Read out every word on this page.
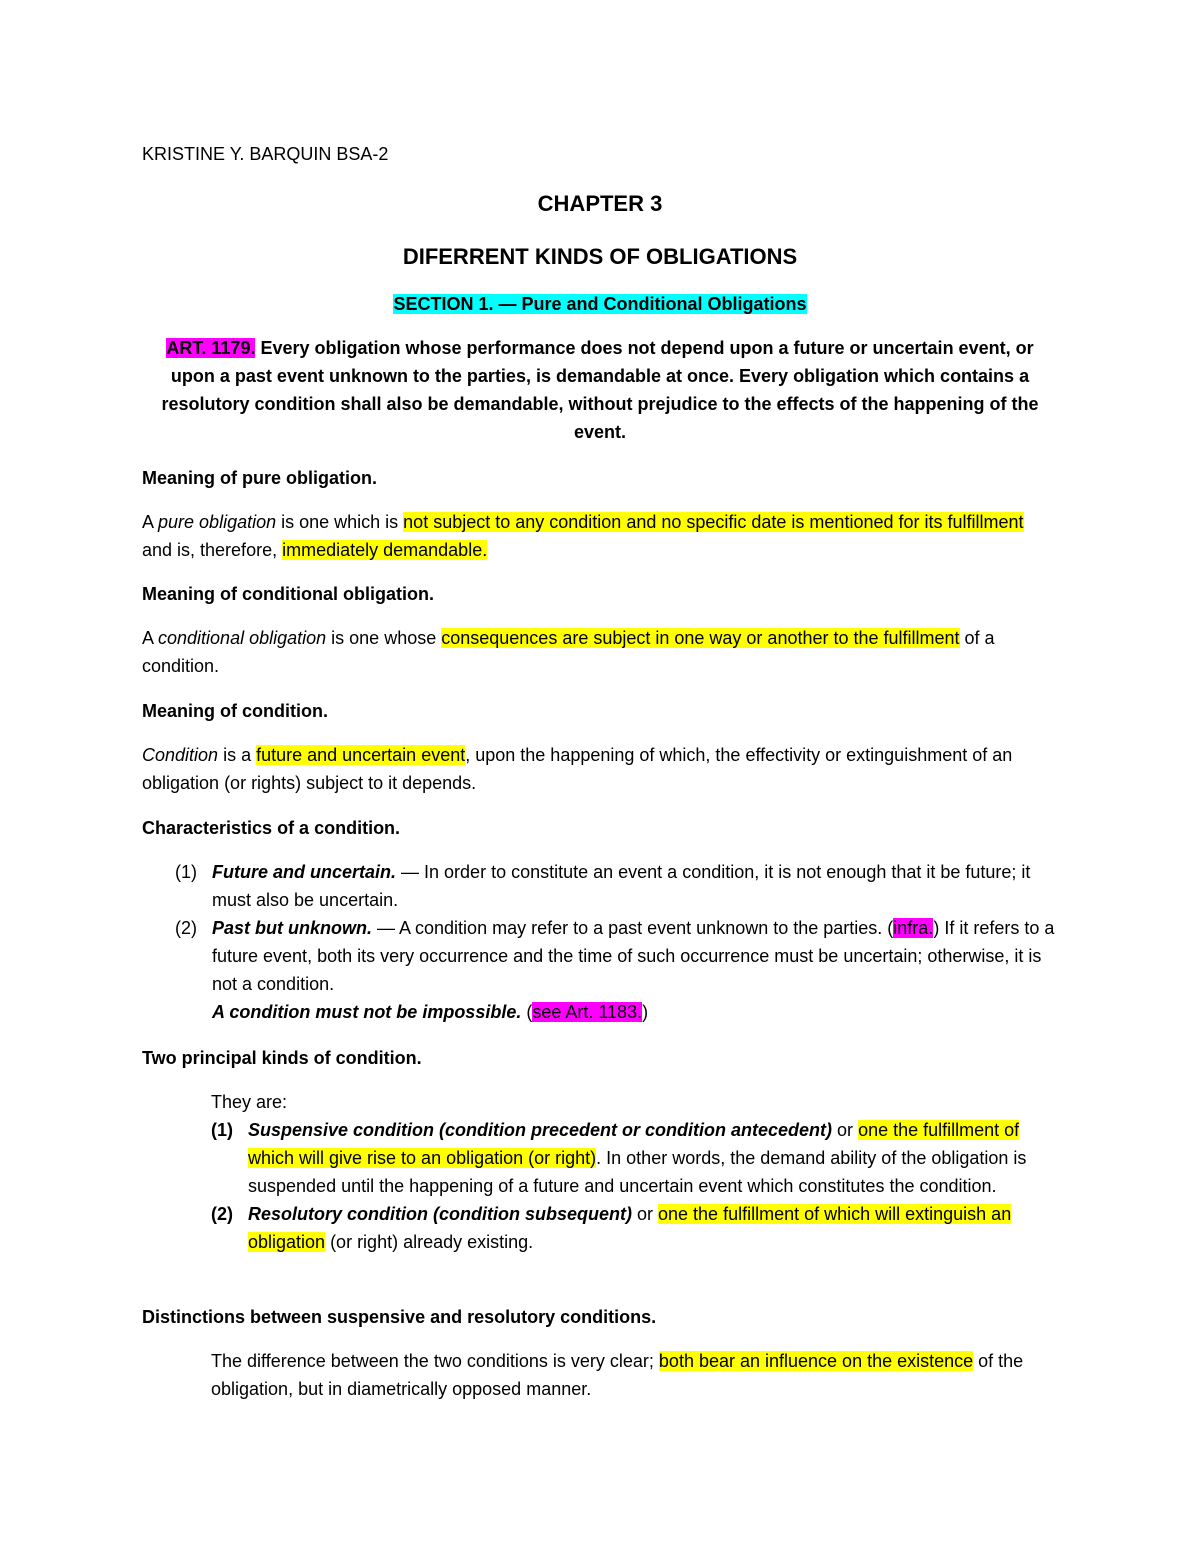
KRISTINE Y. BARQUIN BSA-2
CHAPTER 3
DIFERRENT KINDS OF OBLIGATIONS
SECTION 1. — Pure and Conditional Obligations
ART. 1179. Every obligation whose performance does not depend upon a future or uncertain event, or upon a past event unknown to the parties, is demandable at once. Every obligation which contains a resolutory condition shall also be demandable, without prejudice to the effects of the happening of the event.
Meaning of pure obligation.
A pure obligation is one which is not subject to any condition and no specific date is mentioned for its fulfillment and is, therefore, immediately demandable.
Meaning of conditional obligation.
A conditional obligation is one whose consequences are subject in one way or another to the fulfillment of a condition.
Meaning of condition.
Condition is a future and uncertain event, upon the happening of which, the effectivity or extinguishment of an obligation (or rights) subject to it depends.
Characteristics of a condition.
(1) Future and uncertain. — In order to constitute an event a condition, it is not enough that it be future; it must also be uncertain.
(2) Past but unknown. — A condition may refer to a past event unknown to the parties. (infra.) If it refers to a future event, both its very occurrence and the time of such occurrence must be uncertain; otherwise, it is not a condition.
A condition must not be impossible. (see Art. 1183.)
Two principal kinds of condition.
They are:
(1) Suspensive condition (condition precedent or condition antecedent) or one the fulfillment of which will give rise to an obligation (or right). In other words, the demand ability of the obligation is suspended until the happening of a future and uncertain event which constitutes the condition.
(2) Resolutory condition (condition subsequent) or one the fulfillment of which will extinguish an obligation (or right) already existing.
Distinctions between suspensive and resolutory conditions.
The difference between the two conditions is very clear; both bear an influence on the existence of the obligation, but in diametrically opposed manner.
